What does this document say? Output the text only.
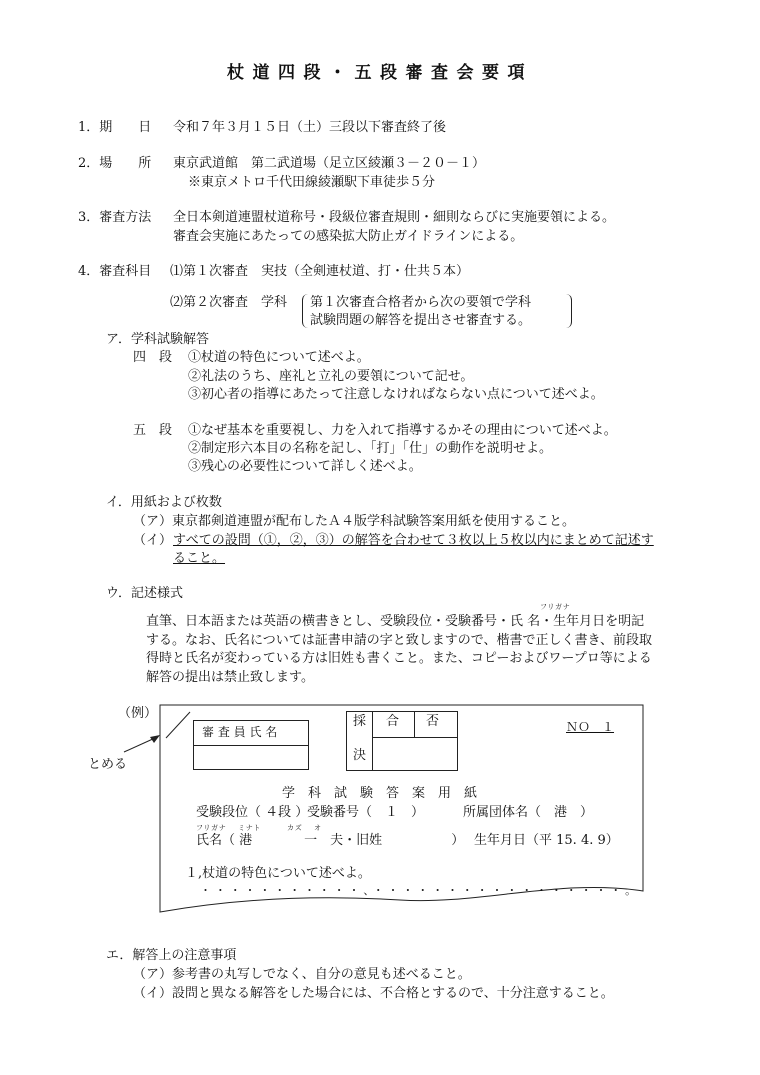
杖道四段・五段審査会要項
1．期　　日 令和７年３月１５日（土）三段以下審査終了後
2．場　　所 東京武道館　第二武道場（足立区綾瀬３－２０－１）
※東京メトロ千代田線綾瀬駅下車徒歩５分
3．審査方法 全日本剣道連盟杖道称号・段級位審査規則・細則ならびに実施要領による。
審査会実施にあたっての感染拡大防止ガイドラインによる。
4．審査科目 ⑴第１次審査　実技（全剣連杖道、打・仕共５本）
⑵第２次審査　学科 第１次審査合格者から次の要領で学科
試験問題の解答を提出させ審査する。
ア．学科試験解答
四　段 ①杖道の特色について述べよ。
②礼法のうち、座礼と立礼の要領について記せ。
③初心者の指導にあたって注意しなければならない点について述べよ。
五　段 ①なぜ基本を重要視し、力を入れて指導するかその理由について述べよ。
②制定形六本目の名称を記し、「打」「仕」の動作を説明せよ。
③残心の必要性について詳しく述べよ。
イ．用紙および枚数
（ア）東京都剣道連盟が配布したＡ４版学科試験答案用紙を使用すること。
（イ） すべての設問（①，②，③）の解答を合わせて３枚以上５枚以内にまとめて記述す
ること。
ウ．記述様式
フリガナ
直筆、日本語または英語の横書きとし、受験段位・受験番号・氏 名・生年月日を明記
する。なお、氏名については証書申請の字と致しますので、楷書で正しく書き、前段取
得時と氏名が変わっている方は旧姓も書くこと。また、コピーおよびワープロ等による
解答の提出は禁止致します。
（例）
とめる
審 査 員 氏 名
採
決
合 否	ＮＯ　１
学　科　試　験　答　案　用　紙
受験段位（ ４段 ）
受験番号（　１　）	所属団体名（　港　）
フリガナ ミナト	カズ オ
氏名（ 港　　　　一　夫・旧姓　　　　　 ） 生年月日（平 15. 4. 9）
１,杖道の特色について述べよ。
・・・・・・・・・・・、・・・・・・・・・・・・・・・・・。
エ．解答上の注意事項
（ア）参考書の丸写しでなく、自分の意見も述べること。
（イ）設問と異なる解答をした場合には、不合格とするので、十分注意すること。
